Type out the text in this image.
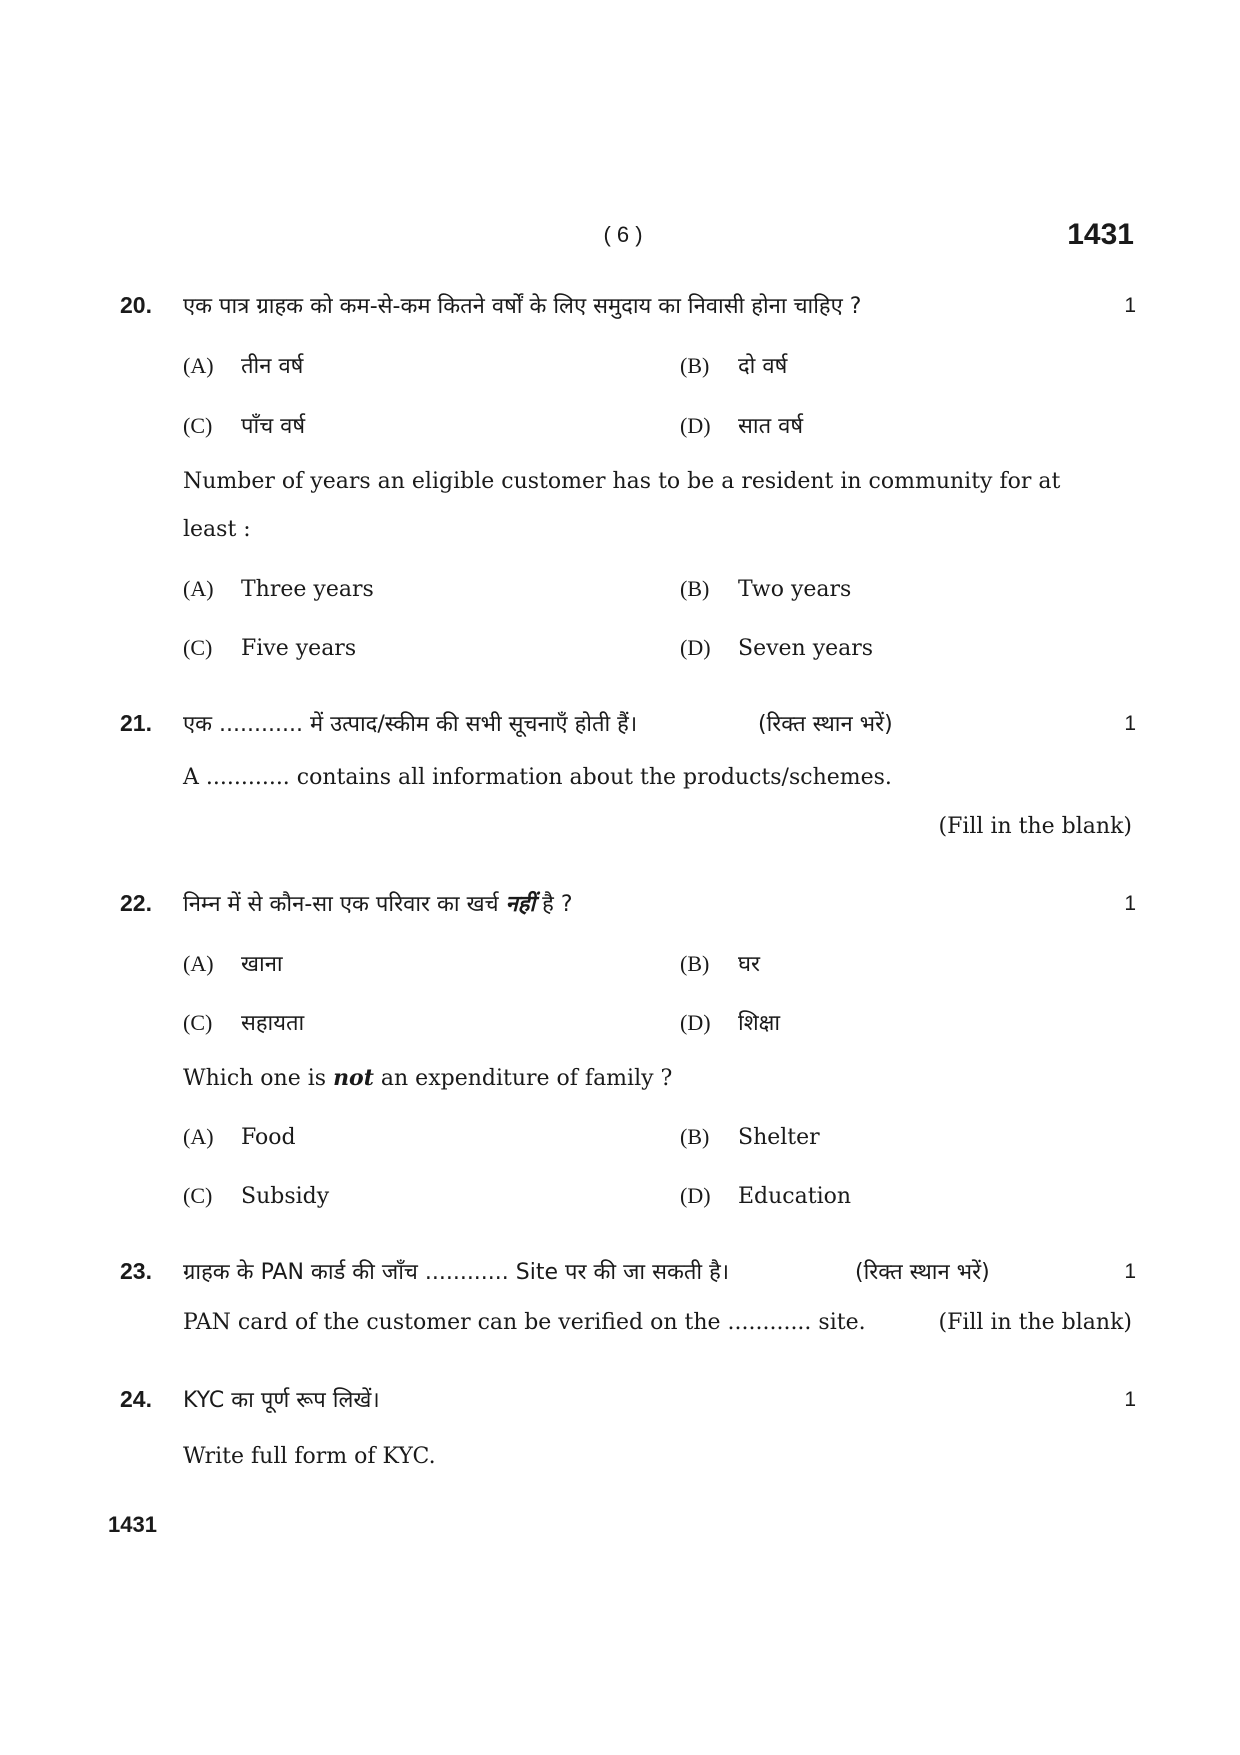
( 6 )	1431
20. एक पात्र ग्राहक को कम-से-कम कितने वर्षों के लिए समुदाय का निवासी होना चाहिए ?	1
(A) तीन वर्ष	(B) दो वर्ष
(C) पाँच वर्ष	(D) सात वर्ष
Number of years an eligible customer has to be a resident in community for at
least :
(A) Three years	(B) Two years
(C) Five years	(D) Seven years
21. एक ............ में उत्पाद/स्कीम की सभी सूचनाएँ होती हैं।	(रिक्त स्थान भरें)	1
A ............ contains all information about the products/schemes.
(Fill in the blank)
22. निम्न में से कौन-सा एक परिवार का खर्च नहीं है ?	1
(A) खाना	(B) घर
(C) सहायता	(D) शिक्षा
Which one is not an expenditure of family ?
(A) Food	(B) Shelter
(C) Subsidy	(D) Education
23. ग्राहक के PAN कार्ड की जाँच ............ Site पर की जा सकती है।	(रिक्त स्थान भरें)	1
PAN card of the customer can be verified on the ............ site.	(Fill in the blank)
24. KYC का पूर्ण रूप लिखें।	1
Write full form of KYC.
1431
